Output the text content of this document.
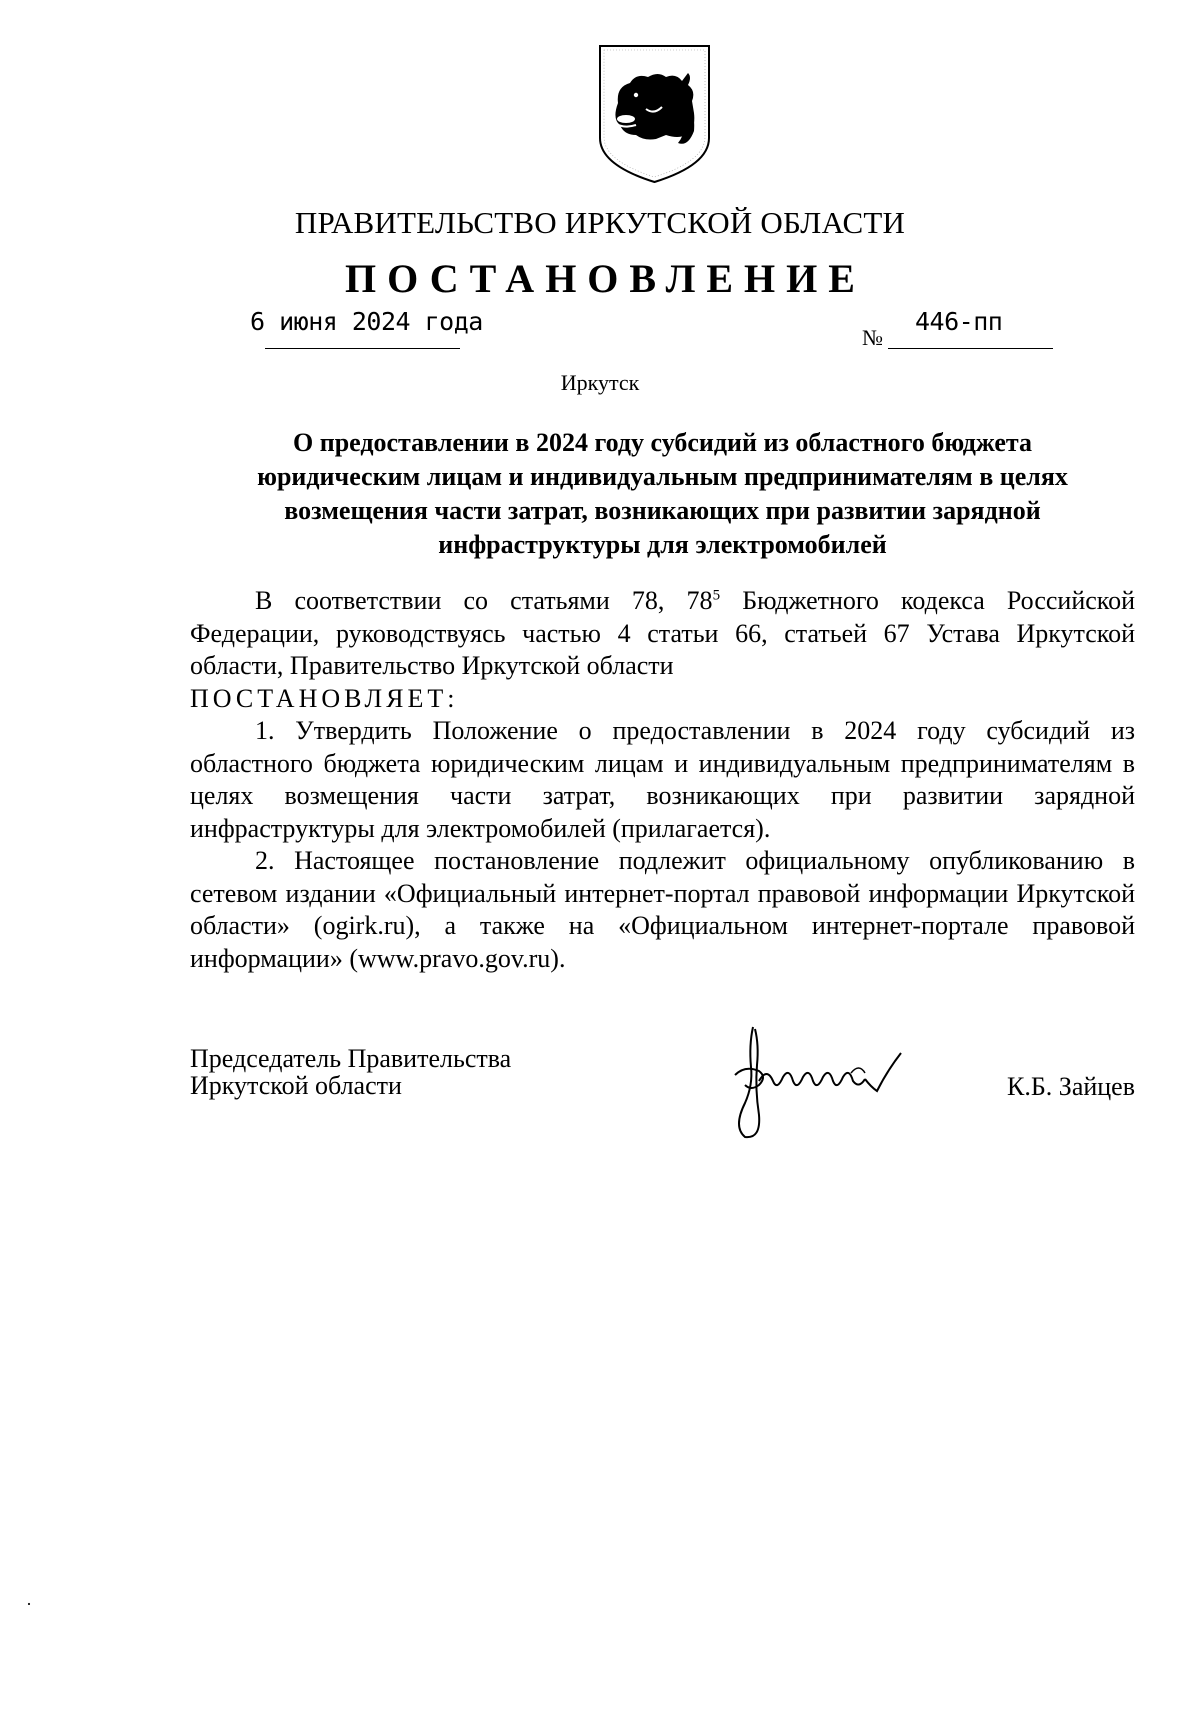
ПРАВИТЕЛЬСТВО ИРКУТСКОЙ ОБЛАСТИ
ПОСТАНОВЛЕНИЕ
6 июня 2024 года
№
446-пп
Иркутск
О предоставлении в 2024 году субсидий из областного бюджета
юридическим лицам и индивидуальным предпринимателям в целях
возмещения части затрат, возникающих при развитии зарядной
инфраструктуры для электромобилей

В соответствии со статьями 78, $78^5$ Бюджетного кодекса Российской Федерации, руководствуясь частью 4 статьи 66, статьей 67 Устава Иркутской области, Правительство Иркутской области

ПОСТАНОВЛЯЕТ:

1. Утвердить Положение о предоставлении в 2024 году субсидий из областного бюджета юридическим лицам и индивидуальным предпринимателям в целях возмещения части затрат, возникающих при развитии зарядной инфраструктуры для электромобилей (прилагается).

2. Настоящее постановление подлежит официальному опубликованию в сетевом издании «Официальный интернет-портал правовой информации Иркутской области» (ogirk.ru), а также на «Официальном интернет-портале правовой информации» (www.pravo.gov.ru).

Председатель Правительства
Иркутской области	К.Б. Зайцев
·
